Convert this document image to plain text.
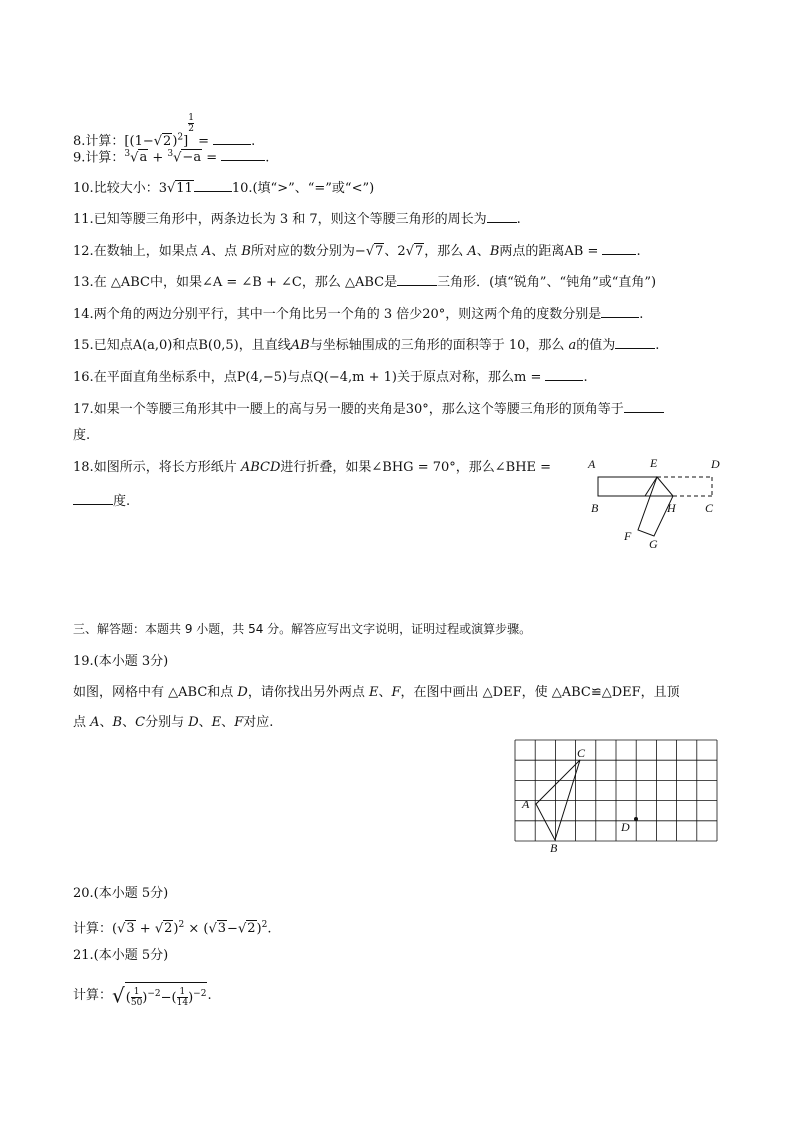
8.计算：$[(1-√2)^2]$
$\frac{1}{2}$
=	.
9.计算：$^3$√a + $^3$√−a =	.
10.比较大小：3√11	10.(填“>”、“=”或“<”)
11.已知等腰三角形中，两条边长为 3 和 7，则这个等腰三角形的周长为 .
12.在数轴上，如果点 A、点 B所对应的数分别为−√7、2√7，那么 A、B两点的距离AB =	.
13.在 △ABC中，如果∠A = ∠B + ∠C，那么 △ABC是	三角形．(填“锐角”、“钝角”或“直角”)
14.两个角的两边分别平行，其中一个角比另一个角的 3 倍少20°，则这两个角的度数分别是	.
15.已知点A(a,0)和点B(0,5)，且直线AB与坐标轴围成的三角形的面积等于 10，那么 a的值为	.
16.在平面直角坐标系中，点P(4,−5)与点Q(−4,m + 1)关于原点对称，那么m =	.
17.如果一个等腰三角形其中一腰上的高与另一腰的夹角是30°，那么这个等腰三角形的顶角等于
度.
18.如图所示，将长方形纸片 ABCD进行折叠，如果∠BHG = 70°，那么∠BHE =
度.
A	E	D
B	H C
F
G
三、解答题：本题共 9 小题，共 54 分。解答应写出文字说明，证明过程或演算步骤。
19.(本小题 3分)
如图，网格中有 △ABC和点 D，请你找出另外两点 E、F，在图中画出 △DEF，使 △ABC≌△DEF，且顶
点 A、B、C分别与 D、E、F对应.
A
B
C
D
20.(本小题 5分)
计算：$(√3 + √2)^2 \times (√3-√2)^2$.
21.(本小题 5分)
计算：√( $\frac{1}{50} )^{-2}-( \frac{1}{14} )^{-2}$.
